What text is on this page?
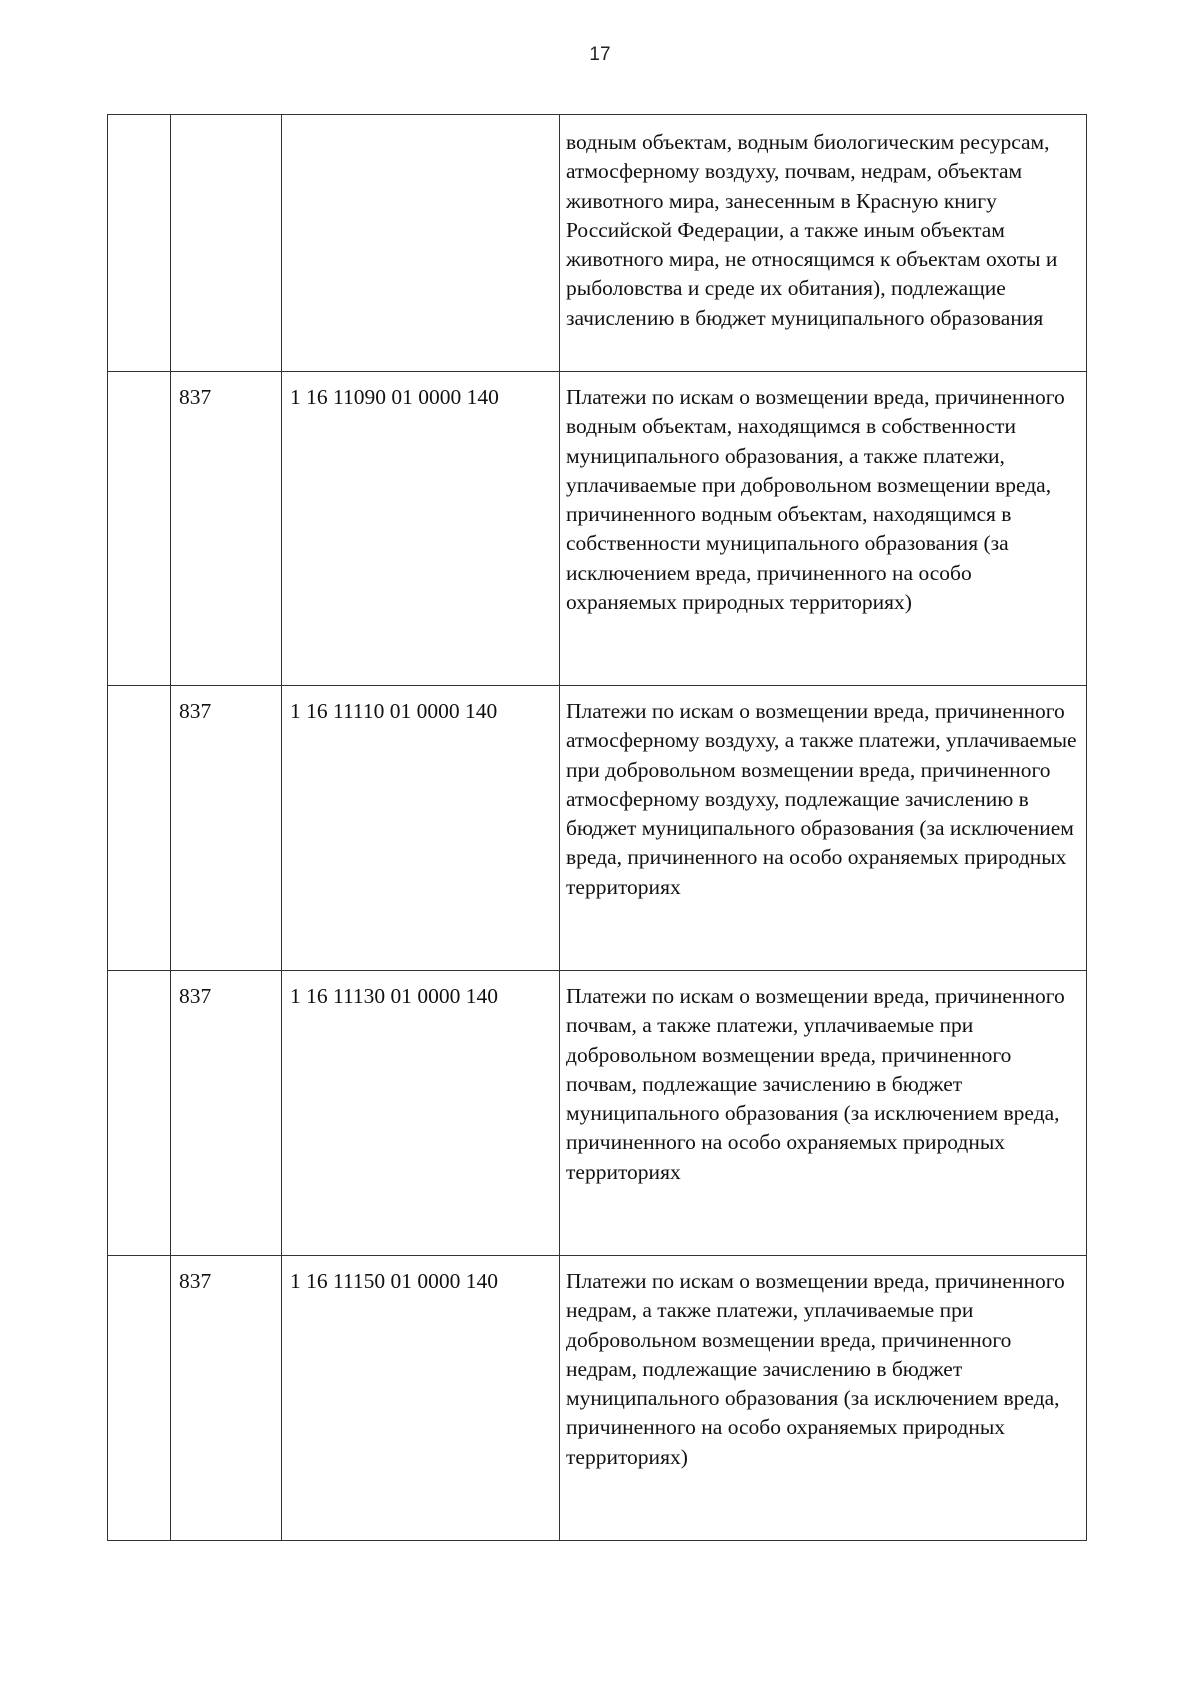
17

			водным объектам, водным биологическим ресурсам, атмосферному воздуху, почвам, недрам, объектам животного мира, занесенным в Красную книгу Российской Федерации, а также иным объектам животного мира, не относящимся к объектам охоты и рыболовства и среде их обитания), подлежащие зачислению в бюджет муниципального образования

	837	1 16 11090 01 0000 140	Платежи по искам о возмещении вреда, причиненного водным объектам, находящимся в собственности муниципального образования, а также платежи, уплачиваемые при добровольном возмещении вреда, причиненного водным объектам, находящимся в собственности муниципального образования (за исключением вреда, причиненного на особо охраняемых природных территориях)

	837	1 16 11110 01 0000 140	Платежи по искам о возмещении вреда, причиненного атмосферному воздуху, а также платежи, уплачиваемые при добровольном возмещении вреда, причиненного атмосферному воздуху, подлежащие зачислению в бюджет муниципального образования (за исключением вреда, причиненного на особо охраняемых природных территориях

	837	1 16 11130 01 0000 140	Платежи по искам о возмещении вреда, причиненного почвам, а также платежи, уплачиваемые при добровольном возмещении вреда, причиненного почвам, подлежащие зачислению в бюджет муниципального образования (за исключением вреда, причиненного на особо охраняемых природных территориях

	837	1 16 11150 01 0000 140	Платежи по искам о возмещении вреда, причиненного недрам, а также платежи, уплачиваемые при добровольном возмещении вреда, причиненного недрам, подлежащие зачислению в бюджет муниципального образования (за исключением вреда, причиненного на особо охраняемых природных территориях)
